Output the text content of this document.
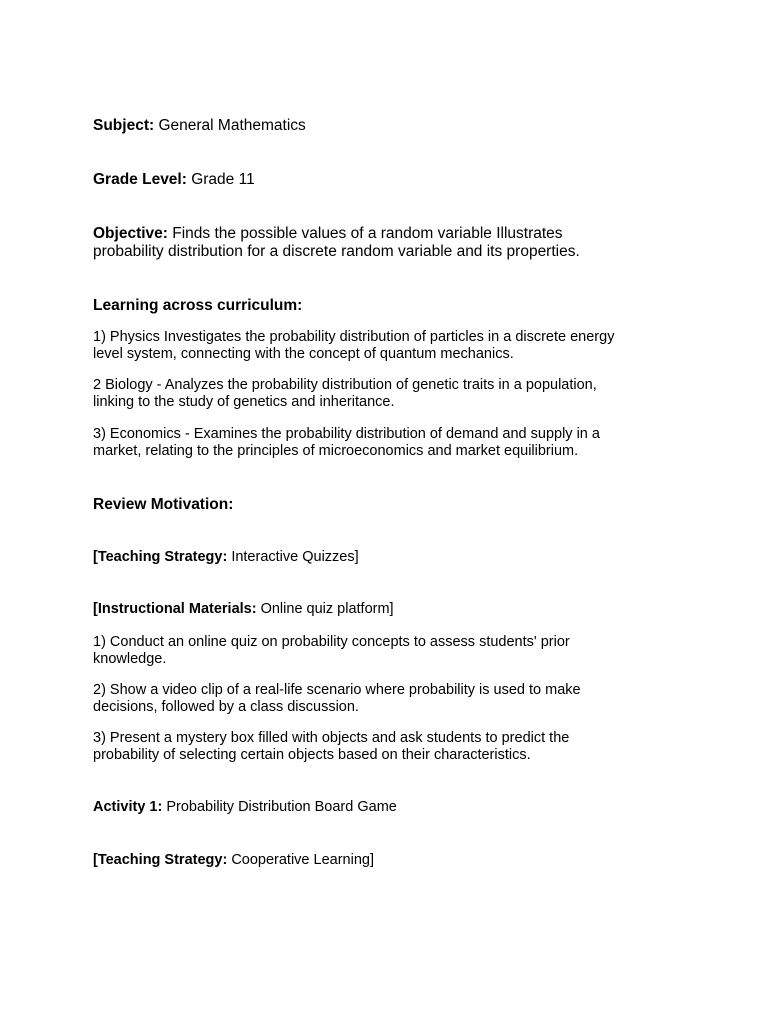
Subject: General Mathematics
Grade Level: Grade 11
Objective: Finds the possible values of a random variable Illustrates
probability distribution for a discrete random variable and its properties.
Learning across curriculum:
1) Physics Investigates the probability distribution of particles in a discrete energy
level system, connecting with the concept of quantum mechanics.
2 Biology - Analyzes the probability distribution of genetic traits in a population,
linking to the study of genetics and inheritance.
3) Economics - Examines the probability distribution of demand and supply in a
market, relating to the principles of microeconomics and market equilibrium.
Review Motivation:
[Teaching Strategy: Interactive Quizzes]
[Instructional Materials: Online quiz platform]
1) Conduct an online quiz on probability concepts to assess students' prior
knowledge.
2) Show a video clip of a real-life scenario where probability is used to make
decisions, followed by a class discussion.
3) Present a mystery box filled with objects and ask students to predict the
probability of selecting certain objects based on their characteristics.
Activity 1: Probability Distribution Board Game
[Teaching Strategy: Cooperative Learning]
